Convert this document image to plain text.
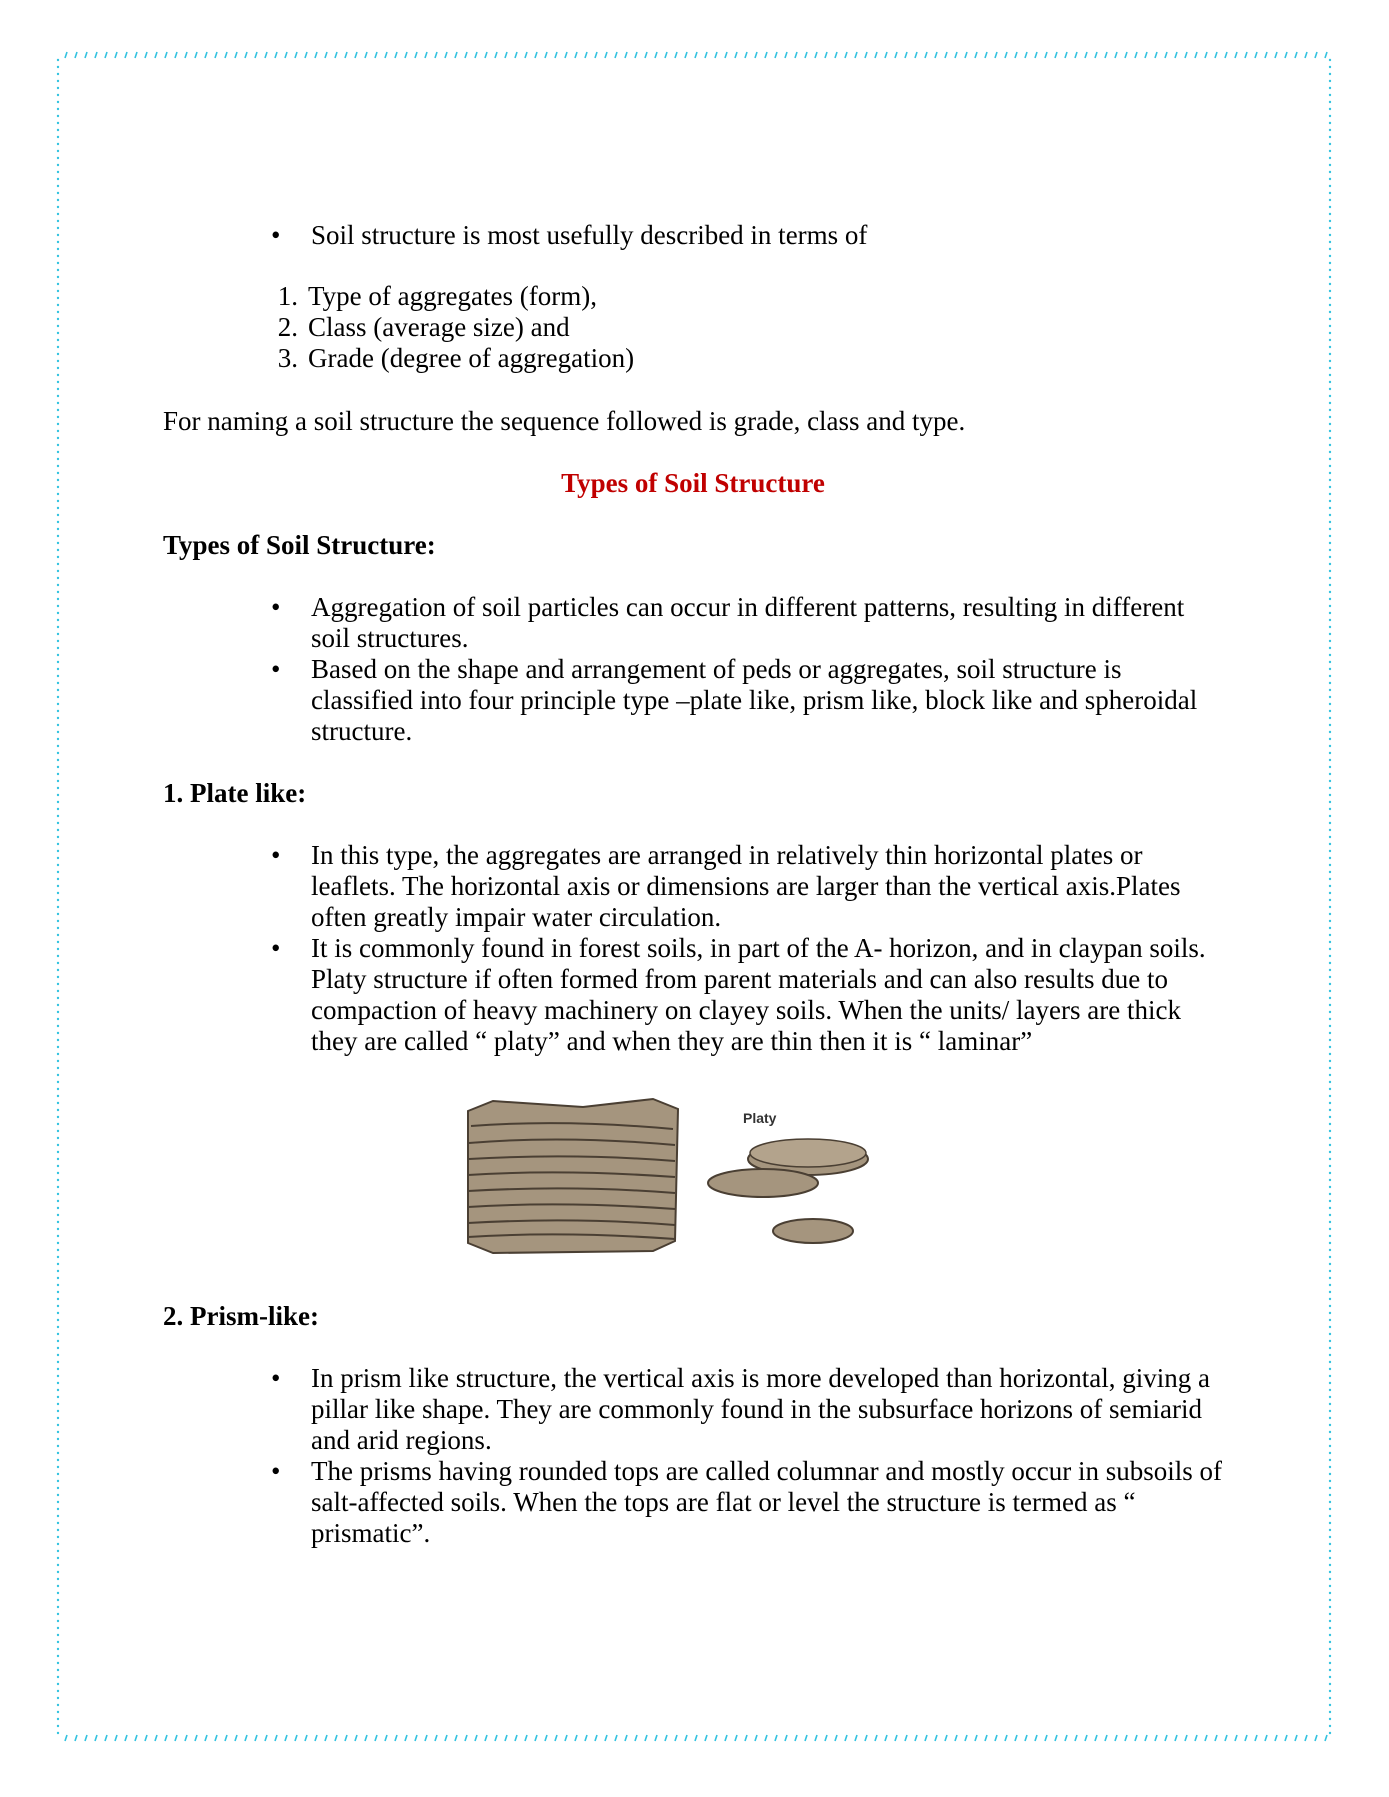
• Soil structure is most usefully described in terms of
1. Type of aggregates (form),
2. Class (average size) and
3. Grade (degree of aggregation)

For naming a soil structure the sequence followed is grade, class and type.

Types of Soil Structure

Types of Soil Structure:

• Aggregation of soil particles can occur in different patterns, resulting in different soil structures.
• Based on the shape and arrangement of peds or aggregates, soil structure is classified into four principle type –plate like, prism like, block like and spheroidal structure.

1. Plate like:

• In this type, the aggregates are arranged in relatively thin horizontal plates or leaflets. The horizontal axis or dimensions are larger than the vertical axis.Plates often greatly impair water circulation.
• It is commonly found in forest soils, in part of the A- horizon, and in claypan soils. Platy structure if often formed from parent materials and can also results due to compaction of heavy machinery on clayey soils. When the units/ layers are thick they are called “ platy” and when they are thin then it is “ laminar”
Platy

2. Prism-like:

• In prism like structure, the vertical axis is more developed than horizontal, giving a pillar like shape. They are commonly found in the subsurface horizons of semiarid and arid regions.
• The prisms having rounded tops are called columnar and mostly occur in subsoils of salt-affected soils. When the tops are flat or level the structure is termed as “ prismatic”.
